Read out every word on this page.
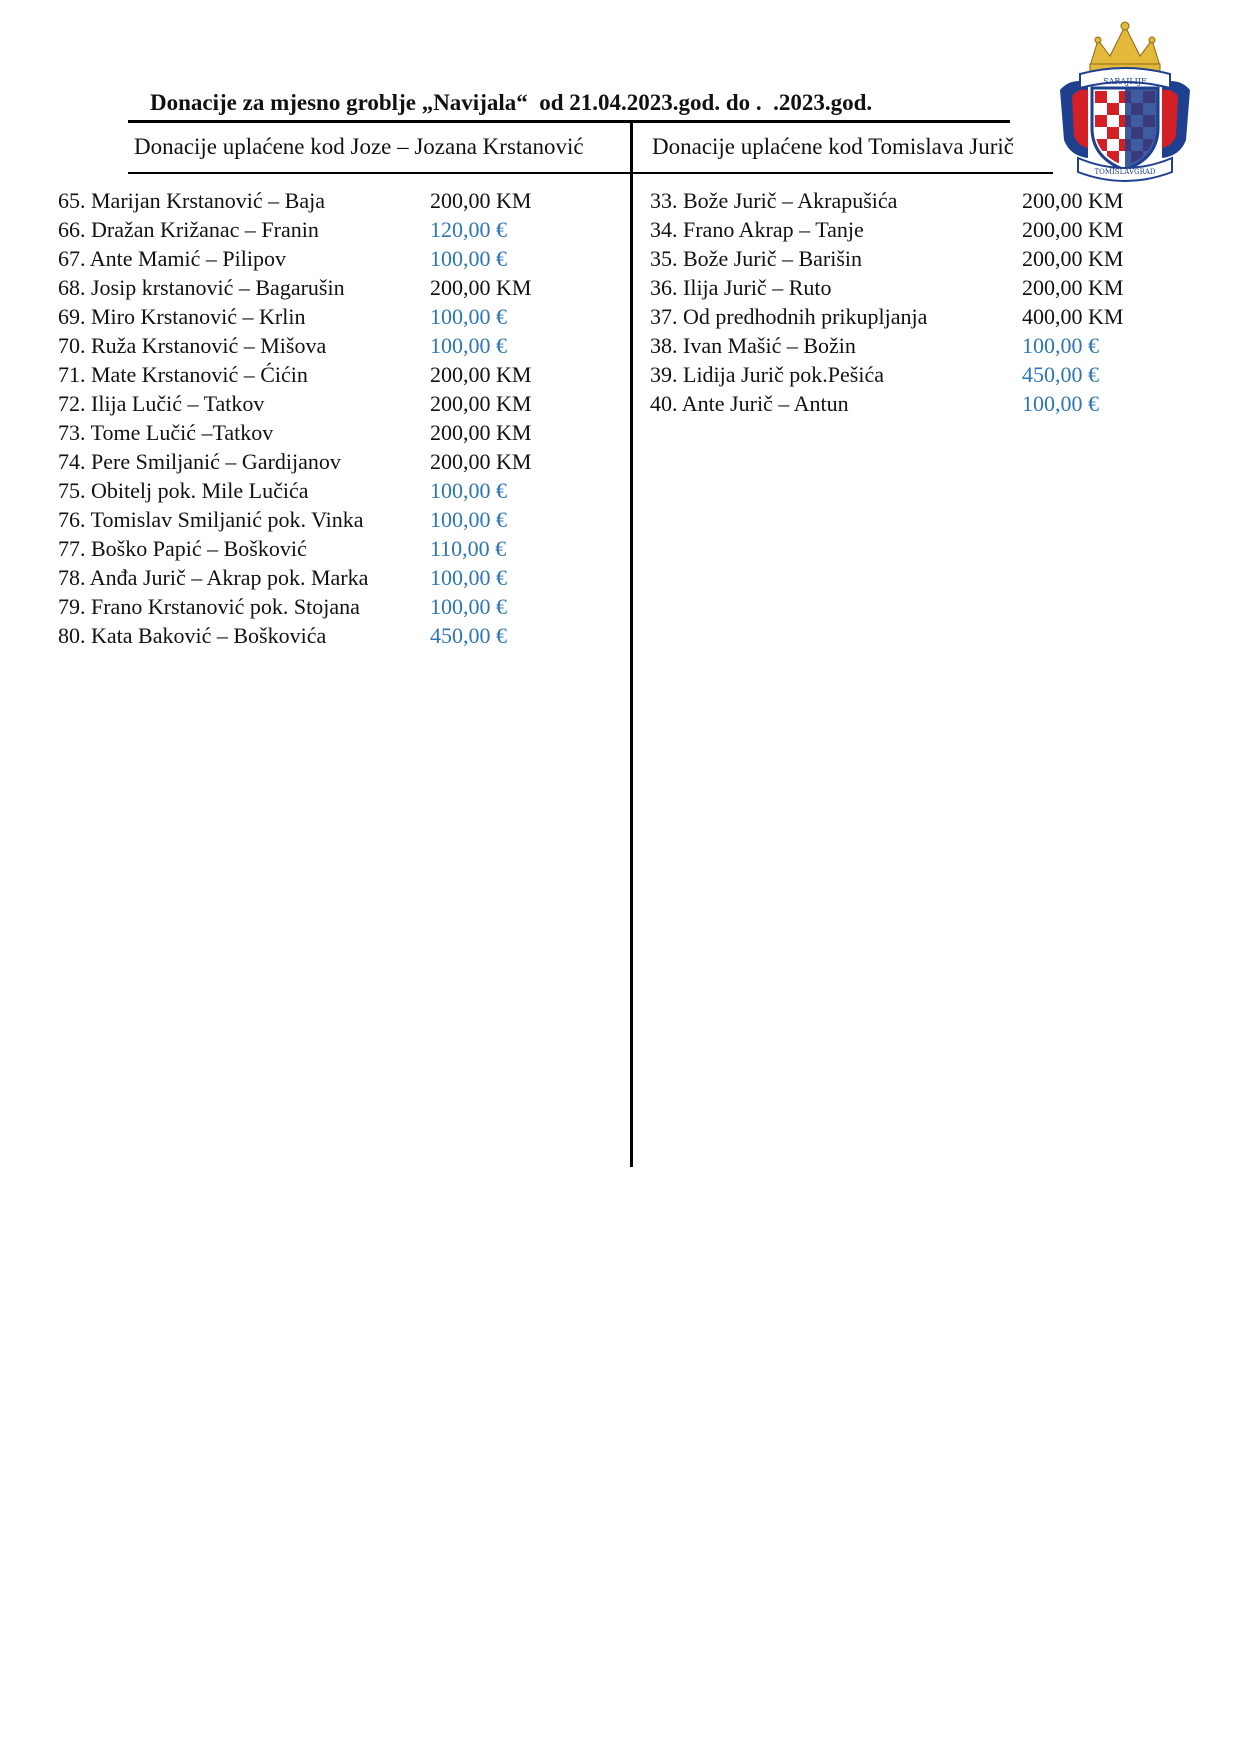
Donacije za mjesno groblje „Navijala“  od 21.04.2023.god. do .  .2023.god.
Donacije uplaćene kod Joze – Jozana Krstanović	Donacije uplaćene kod Tomislava Jurič
65. Marijan Krstanović – Baja	200,00 KM
66. Dražan Križanac – Franin	120,00 €
67. Ante Mamić – Pilipov	100,00 €
68. Josip krstanović – Bagarušin	200,00 KM
69. Miro Krstanović – Krlin	100,00 €
70. Ruža Krstanović – Mišova	100,00 €
71. Mate Krstanović – Ćićin	200,00 KM
72. Ilija Lučić – Tatkov	200,00 KM
73. Tome Lučić –Tatkov	200,00 KM
74. Pere Smiljanić – Gardijanov	200,00 KM
75. Obitelj pok. Mile Lučića	100,00 €
76. Tomislav Smiljanić pok. Vinka	100,00 €
77. Boško Papić – Bošković	110,00 €
78. Anđa Jurič – Akrap pok. Marka	100,00 €
79. Frano Krstanović pok. Stojana	100,00 €
80. Kata Baković – Boškovića	450,00 €
33. Bože Jurič – Akrapušića	200,00 KM
34. Frano Akrap – Tanje	200,00 KM
35. Bože Jurič – Barišin	200,00 KM
36. Ilija Jurič – Ruto	200,00 KM
37. Od predhodnih prikupljanja	400,00 KM
38. Ivan Mašić – Božin	100,00 €
39. Lidija Jurič pok.Pešića	450,00 €
40. Ante Jurič – Antun	100,00 €
SARAJLIJE
TOMISLAVGRAD
